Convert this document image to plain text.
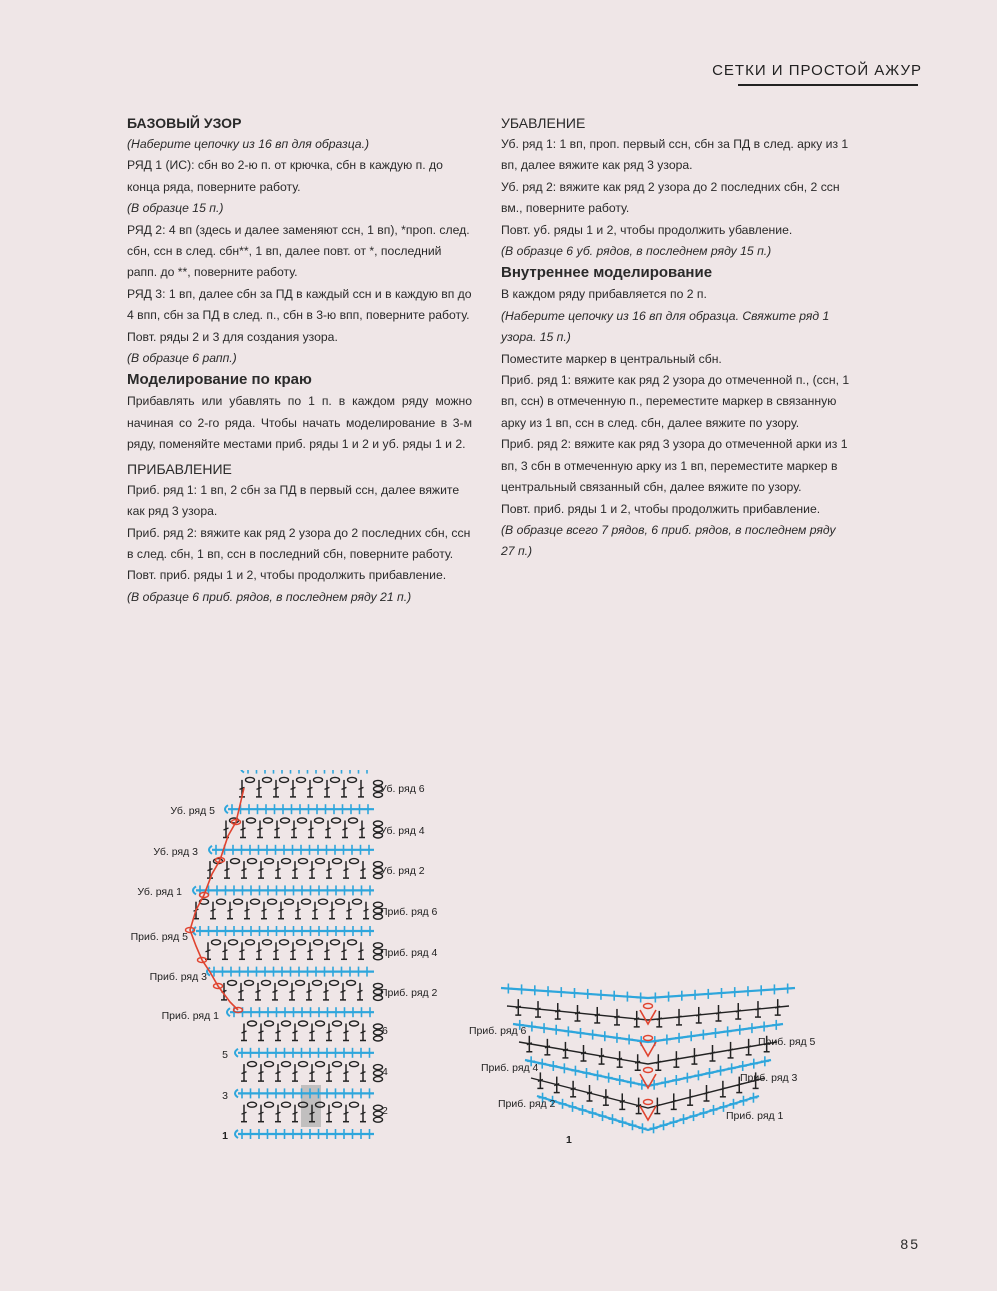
СЕТКИ И ПРОСТОЙ АЖУР

БАЗОВЫЙ УЗОР

(Наберите цепочку из 16 вп для образца.)

РЯД 1 (ИС): сбн во 2-ю п. от крючка, сбн в каждую п. до конца ряда, поверните работу.

(В образце 15 п.)

РЯД 2: 4 вп (здесь и далее заменяют ссн, 1 вп), *проп. след. сбн, ссн в след. сбн**, 1 вп, далее повт. от *, последний рапп. до **, поверните работу.

РЯД 3: 1 вп, далее сбн за ПД в каждый ссн и в каждую вп до 4 впп, сбн за ПД в след. п., сбн в 3-ю впп, поверните работу.

Повт. ряды 2 и 3 для создания узора.

(В образце 6 рапп.)

Моделирование по краю

Прибавлять или убавлять по 1 п. в каждом ряду можно начиная со 2-го ряда. Чтобы начать моделирование в 3-м ряду, поменяйте местами приб. ряды 1 и 2 и уб. ряды 1 и 2.

ПРИБАВЛЕНИЕ

Приб. ряд 1: 1 вп, 2 сбн за ПД в первый ссн, далее вяжите как ряд 3 узора.

Приб. ряд 2: вяжите как ряд 2 узора до 2 последних сбн, ссн в след. сбн, 1 вп, ссн в последний сбн, поверните работу.

Повт. приб. ряды 1 и 2, чтобы продолжить прибавление.

(В образце 6 приб. рядов, в последнем ряду 21 п.)

УБАВЛЕНИЕ

Уб. ряд 1: 1 вп, проп. первый ссн, сбн за ПД в след. арку из 1 вп, далее вяжите как ряд 3 узора.

Уб. ряд 2: вяжите как ряд 2 узора до 2 последних сбн, 2 ссн вм., поверните работу.

Повт. уб. ряды 1 и 2, чтобы продолжить убавление.

(В образце 6 уб. рядов, в последнем ряду 15 п.)

Внутреннее моделирование

В каждом ряду прибавляется по 2 п.

(Наберите цепочку из 16 вп для образца. Свяжите ряд 1 узора. 15 п.)

Поместите маркер в центральный сбн.

Приб. ряд 1: вяжите как ряд 2 узора до отмеченной п., (ссн, 1 вп, ссн) в отмеченную п., переместите маркер в связанную арку из 1 вп, ссн в след. сбн, далее вяжите по узору.

Приб. ряд 2: вяжите как ряд 3 узора до отмеченной арки из 1 вп, 3 сбн в отмеченную арку из 1 вп, переместите маркер в центральный связанный сбн, далее вяжите по узору.

Повт. приб. ряды 1 и 2, чтобы продолжить прибавление.

(В образце всего 7 рядов, 6 приб. рядов, в последнем ряду 27 п.)

Уб. ряд 5
Уб. ряд 3
Уб. ряд 1
Приб. ряд 5
Приб. ряд 3
Приб. ряд 1
5
3
1
Уб. ряд 6
Уб. ряд 4
Уб. ряд 2
Приб. ряд 6
Приб. ряд 4
Приб. ряд 2
6
4
2
Приб. ряд 6
Приб. ряд 4
Приб. ряд 2
1
Приб. ряд 5
Приб. ряд 3
Приб. ряд 1
85
